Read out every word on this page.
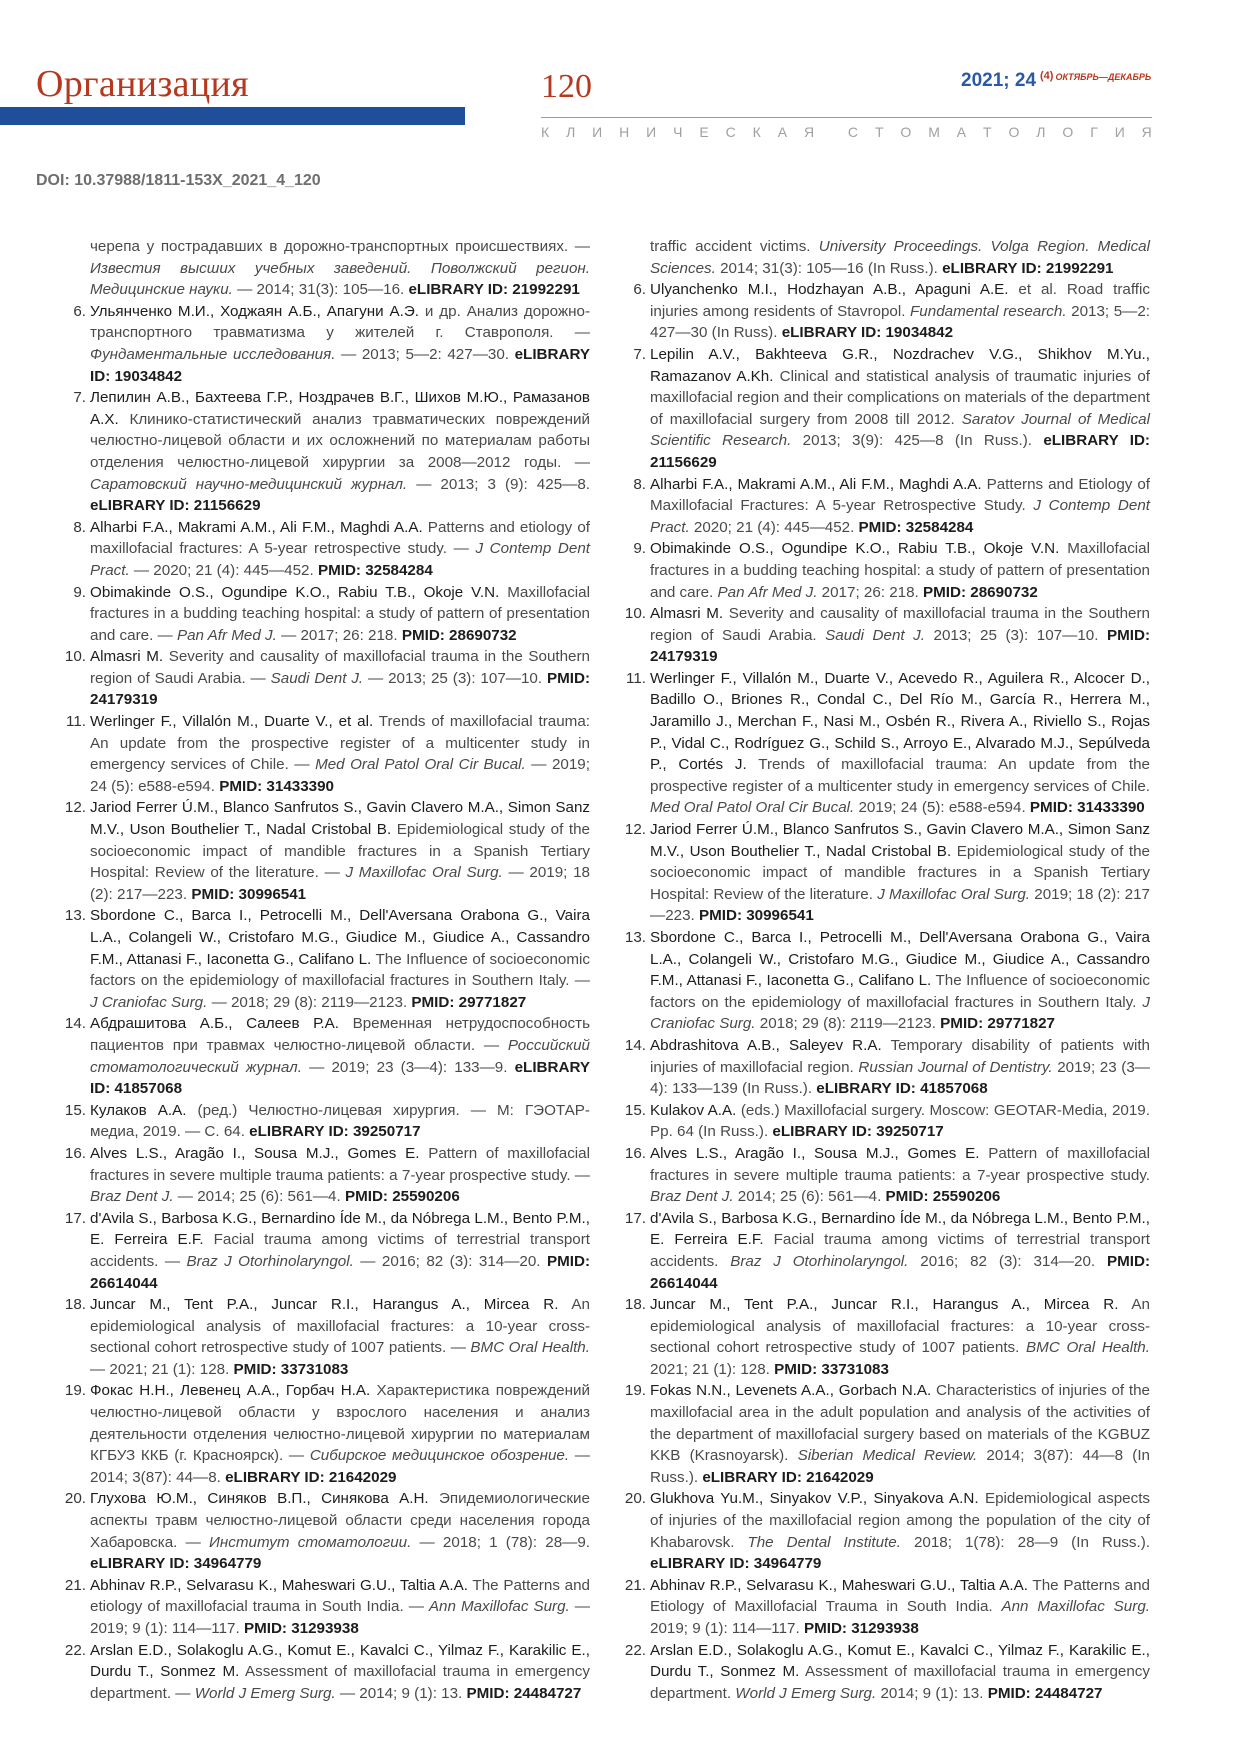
Организация	120	2021; 24 $^{(4)}$ $^{ОКТЯБРЬ—ДЕКАБРЬ}$
К Л И Н И Ч Е С К А Я С Т О М А Т О Л О Г И Я
DOI: 10.37988/1811-153X_2021_4_120
черепа у пострадавших в дорожно-транспортных происшествиях. — Известия высших учебных заведений. Поволжский регион. Медицинские науки. — 2014; 31(3): 105—16. eLIBRARY ID: 21992291
6. Ульянченко М.И., Ходжаян А.Б., Апагуни А.Э. и др. Анализ дорожно-транспортного травматизма у жителей г. Ставрополя. — Фундаментальные исследования. — 2013; 5—2: 427—30. eLIBRARY ID: 19034842
7. Лепилин А.В., Бахтеева Г.Р., Ноздрачев В.Г., Шихов М.Ю., Рамазанов А.Х. Клинико-статистический анализ травматических повреждений челюстно-лицевой области и их осложнений по материалам работы отделения челюстно-лицевой хирургии за 2008—2012 годы. — Саратовский научно-медицинский журнал. — 2013; 3 (9): 425—8. eLIBRARY ID: 21156629
8. Alharbi F.A., Makrami A.M., Ali F.M., Maghdi A.A. Patterns and etiology of maxillofacial fractures: A 5-year retrospective study. — J Contemp Dent Pract. — 2020; 21 (4): 445—452. PMID: 32584284
9. Obimakinde O.S., Ogundipe K.O., Rabiu T.B., Okoje V.N. Maxillofacial fractures in a budding teaching hospital: a study of pattern of presentation and care. — Pan Afr Med J. — 2017; 26: 218. PMID: 28690732
10. Almasri M. Severity and causality of maxillofacial trauma in the Southern region of Saudi Arabia. — Saudi Dent J. — 2013; 25 (3): 107—10. PMID: 24179319
11. Werlinger F., Villalón M., Duarte V., et al. Trends of maxillofacial trauma: An update from the prospective register of a multicenter study in emergency services of Chile. — Med Oral Patol Oral Cir Bucal. — 2019; 24 (5): e588-e594. PMID: 31433390
12. Jariod Ferrer Ú.M., Blanco Sanfrutos S., Gavin Clavero M.A., Simon Sanz M.V., Uson Bouthelier T., Nadal Cristobal B. Epidemiological study of the socioeconomic impact of mandible fractures in a Spanish Tertiary Hospital: Review of the literature. — J Maxillofac Oral Surg. — 2019; 18 (2): 217—223. PMID: 30996541
13. Sbordone C., Barca I., Petrocelli M., Dell'Aversana Orabona G., Vaira L.A., Colangeli W., Cristofaro M.G., Giudice M., Giudice A., Cassandro F.M., Attanasi F., Iaconetta G., Califano L. The Influence of socioeconomic factors on the epidemiology of maxillofacial fractures in Southern Italy. — J Craniofac Surg. — 2018; 29 (8): 2119—2123. PMID: 29771827
14. Абдрашитова А.Б., Салеев Р.А. Временная нетрудоспособность пациентов при травмах челюстно-лицевой области. — Российский стоматологический журнал. — 2019; 23 (3—4): 133—9. eLIBRARY ID: 41857068
15. Кулаков А.А. (ред.) Челюстно-лицевая хирургия. — М: ГЭОТАР-медиа, 2019. — С. 64. eLIBRARY ID: 39250717
16. Alves L.S., Aragão I., Sousa M.J., Gomes E. Pattern of maxillofacial fractures in severe multiple trauma patients: a 7-year prospective study. — Braz Dent J. — 2014; 25 (6): 561—4. PMID: 25590206
17. d'Avila S., Barbosa K.G., Bernardino Íde M., da Nóbrega L.M., Bento P.M., E. Ferreira E.F. Facial trauma among victims of terrestrial transport accidents. — Braz J Otorhinolaryngol. — 2016; 82 (3): 314—20. PMID: 26614044
18. Juncar M., Tent P.A., Juncar R.I., Harangus A., Mircea R. An epidemiological analysis of maxillofacial fractures: a 10-year cross-sectional cohort retrospective study of 1007 patients. — BMC Oral Health. — 2021; 21 (1): 128. PMID: 33731083
19. Фокас Н.Н., Левенец А.А., Горбач Н.А. Характеристика повреждений челюстно-лицевой области у взрослого населения и анализ деятельности отделения челюстно-лицевой хирургии по материалам КГБУЗ ККБ (г. Красноярск). — Сибирское медицинское обозрение. — 2014; 3(87): 44—8. eLIBRARY ID: 21642029
20. Глухова Ю.М., Синяков В.П., Синякова А.Н. Эпидемиологические аспекты травм челюстно-лицевой области среди населения города Хабаровска. — Институт стоматологии. — 2018; 1 (78): 28—9. eLIBRARY ID: 34964779
21. Abhinav R.P., Selvarasu K., Maheswari G.U., Taltia A.A. The Patterns and etiology of maxillofacial trauma in South India. — Ann Maxillofac Surg. — 2019; 9 (1): 114—117. PMID: 31293938
22. Arslan E.D., Solakoglu A.G., Komut E., Kavalci C., Yilmaz F., Karakilic E., Durdu T., Sonmez M. Assessment of maxillofacial trauma in emergency department. — World J Emerg Surg. — 2014; 9 (1): 13. PMID: 24484727
traffic accident victims. University Proceedings. Volga Region. Medical Sciences. 2014; 31(3): 105—16 (In Russ.). eLIBRARY ID: 21992291
6. Ulyanchenko M.I., Hodzhayan A.B., Apaguni A.E. et al. Road traffic injuries among residents of Stavropol. Fundamental research. 2013; 5—2: 427—30 (In Russ). eLIBRARY ID: 19034842
7. Lepilin A.V., Bakhteeva G.R., Nozdrachev V.G., Shikhov M.Yu., Ramazanov A.Kh. Clinical and statistical analysis of traumatic injuries of maxillofacial region and their complications on materials of the department of maxillofacial surgery from 2008 till 2012. Saratov Journal of Medical Scientific Research. 2013; 3(9): 425—8 (In Russ.). eLIBRARY ID: 21156629
8. Alharbi F.A., Makrami A.M., Ali F.M., Maghdi A.A. Patterns and Etiology of Maxillofacial Fractures: A 5-year Retrospective Study. J Contemp Dent Pract. 2020; 21 (4): 445—452. PMID: 32584284
9. Obimakinde O.S., Ogundipe K.O., Rabiu T.B., Okoje V.N. Maxillofacial fractures in a budding teaching hospital: a study of pattern of presentation and care. Pan Afr Med J. 2017; 26: 218. PMID: 28690732
10. Almasri M. Severity and causality of maxillofacial trauma in the Southern region of Saudi Arabia. Saudi Dent J. 2013; 25 (3): 107—10. PMID: 24179319
11. Werlinger F., Villalón M., Duarte V., Acevedo R., Aguilera R., Alcocer D., Badillo O., Briones R., Condal C., Del Río M., García R., Herrera M., Jaramillo J., Merchan F., Nasi M., Osbén R., Rivera A., Riviello S., Rojas P., Vidal C., Rodríguez G., Schild S., Arroyo E., Alvarado M.J., Sepúlveda P., Cortés J. Trends of maxillofacial trauma: An update from the prospective register of a multicenter study in emergency services of Chile. Med Oral Patol Oral Cir Bucal. 2019; 24 (5): e588-e594. PMID: 31433390
12. Jariod Ferrer Ú.M., Blanco Sanfrutos S., Gavin Clavero M.A., Simon Sanz M.V., Uson Bouthelier T., Nadal Cristobal B. Epidemiological study of the socioeconomic impact of mandible fractures in a Spanish Tertiary Hospital: Review of the literature. J Maxillofac Oral Surg. 2019; 18 (2): 217—223. PMID: 30996541
13. Sbordone C., Barca I., Petrocelli M., Dell'Aversana Orabona G., Vaira L.A., Colangeli W., Cristofaro M.G., Giudice M., Giudice A., Cassandro F.M., Attanasi F., Iaconetta G., Califano L. The Influence of socioeconomic factors on the epidemiology of maxillofacial fractures in Southern Italy. J Craniofac Surg. 2018; 29 (8): 2119—2123. PMID: 29771827
14. Abdrashitova A.B., Saleyev R.A. Temporary disability of patients with injuries of maxillofacial region. Russian Journal of Dentistry. 2019; 23 (3—4): 133—139 (In Russ.). eLIBRARY ID: 41857068
15. Kulakov A.A. (eds.) Maxillofacial surgery. Moscow: GEOTAR-Media, 2019. Pp. 64 (In Russ.). eLIBRARY ID: 39250717
16. Alves L.S., Aragão I., Sousa M.J., Gomes E. Pattern of maxillofacial fractures in severe multiple trauma patients: a 7-year prospective study. Braz Dent J. 2014; 25 (6): 561—4. PMID: 25590206
17. d'Avila S., Barbosa K.G., Bernardino Íde M., da Nóbrega L.M., Bento P.M., E. Ferreira E.F. Facial trauma among victims of terrestrial transport accidents. Braz J Otorhinolaryngol. 2016; 82 (3): 314—20. PMID: 26614044
18. Juncar M., Tent P.A., Juncar R.I., Harangus A., Mircea R. An epidemiological analysis of maxillofacial fractures: a 10-year cross-sectional cohort retrospective study of 1007 patients. BMC Oral Health. 2021; 21 (1): 128. PMID: 33731083
19. Fokas N.N., Levenets A.A., Gorbach N.A. Characteristics of injuries of the maxillofacial area in the adult population and analysis of the activities of the department of maxillofacial surgery based on materials of the KGBUZ KKB (Krasnoyarsk). Siberian Medical Review. 2014; 3(87): 44—8 (In Russ.). eLIBRARY ID: 21642029
20. Glukhova Yu.M., Sinyakov V.P., Sinyakova A.N. Epidemiological aspects of injuries of the maxillofacial region among the population of the city of Khabarovsk. The Dental Institute. 2018; 1(78): 28—9 (In Russ.). eLIBRARY ID: 34964779
21. Abhinav R.P., Selvarasu K., Maheswari G.U., Taltia A.A. The Patterns and Etiology of Maxillofacial Trauma in South India. Ann Maxillofac Surg. 2019; 9 (1): 114—117. PMID: 31293938
22. Arslan E.D., Solakoglu A.G., Komut E., Kavalci C., Yilmaz F., Karakilic E., Durdu T., Sonmez M. Assessment of maxillofacial trauma in emergency department. World J Emerg Surg. 2014; 9 (1): 13. PMID: 24484727
